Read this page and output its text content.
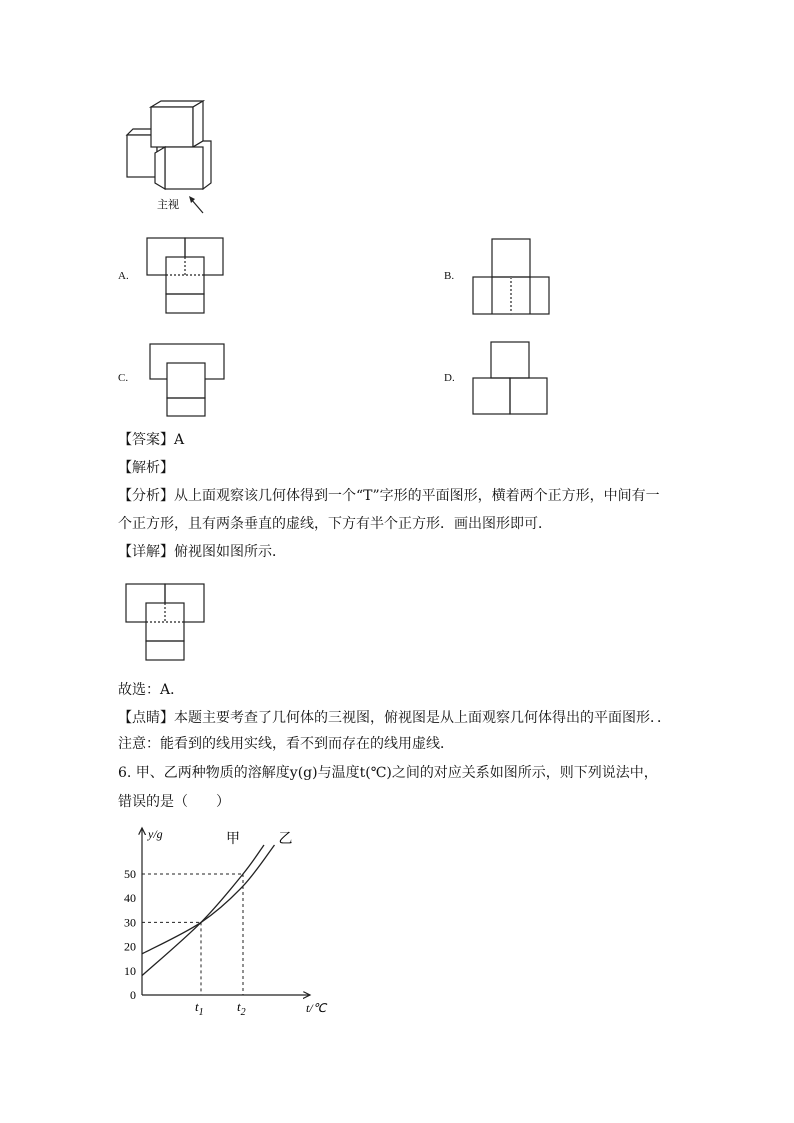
主视
A.	B.
C.	D.
【答案】A
【解析】
【分析】从上面观察该几何体得到一个“T”字形的平面图形，横着两个正方形，中间有一
个正方形，且有两条垂直的虚线，下方有半个正方形．画出图形即可．
【详解】俯视图如图所示．
故选：A．
【点睛】本题主要考查了几何体的三视图，俯视图是从上面观察几何体得出的平面图形．．
注意：能看到的线用实线，看不到而存在的线用虚线．
6. 甲、乙两种物质的溶解度y(g)与温度t(℃)之间的对应关系如图所示，则下列说法中，
错误的是（　　）
10
20
30
40
50
0
y/g
t/℃
$t_1$	$t_2$
甲	乙
